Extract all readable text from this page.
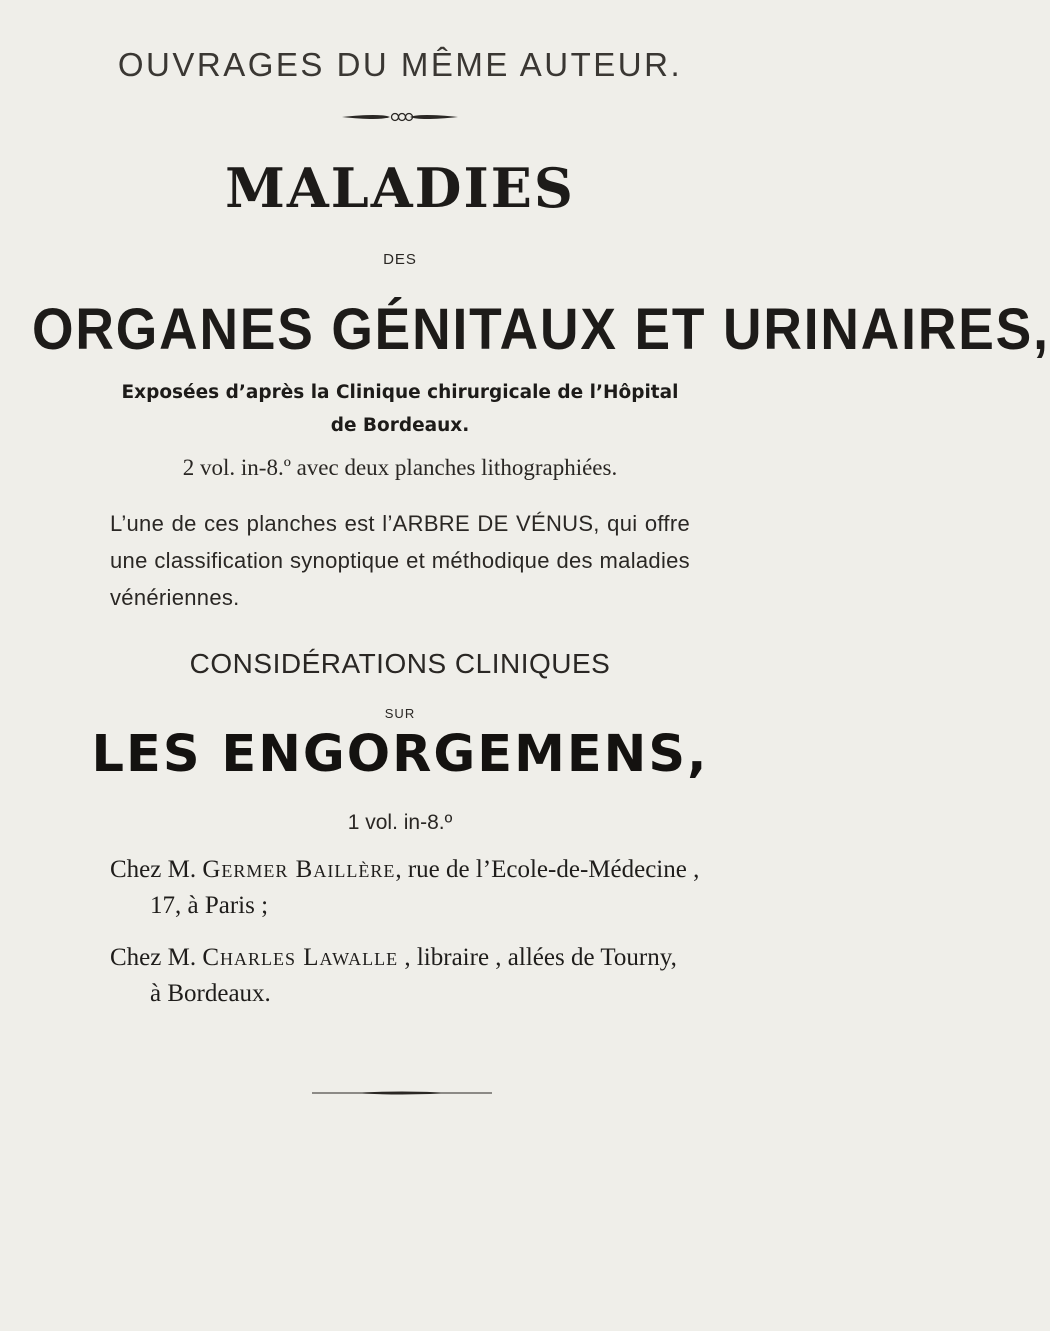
OUVRAGES DU MÊME AUTEUR.
MALADIES
DES
ORGANES GÉNITAUX ET URINAIRES,
Exposées d’après la Clinique chirurgicale de l’Hôpital de Bordeaux.
2 vol. in-8.º avec deux planches lithographiées.
L’une de ces planches est l’ARBRE DE VÉNUS, qui offre une classification synoptique et méthodique des maladies vénériennes.
CONSIDÉRATIONS CLINIQUES
SUR
LES ENGORGEMENS,
1 vol. in-8.º
Chez M. Germer Baillère, rue de l’Ecole-de-Médecine ,
17, à Paris ;
Chez M. Charles Lawalle , libraire , allées de Tourny,
à Bordeaux.
